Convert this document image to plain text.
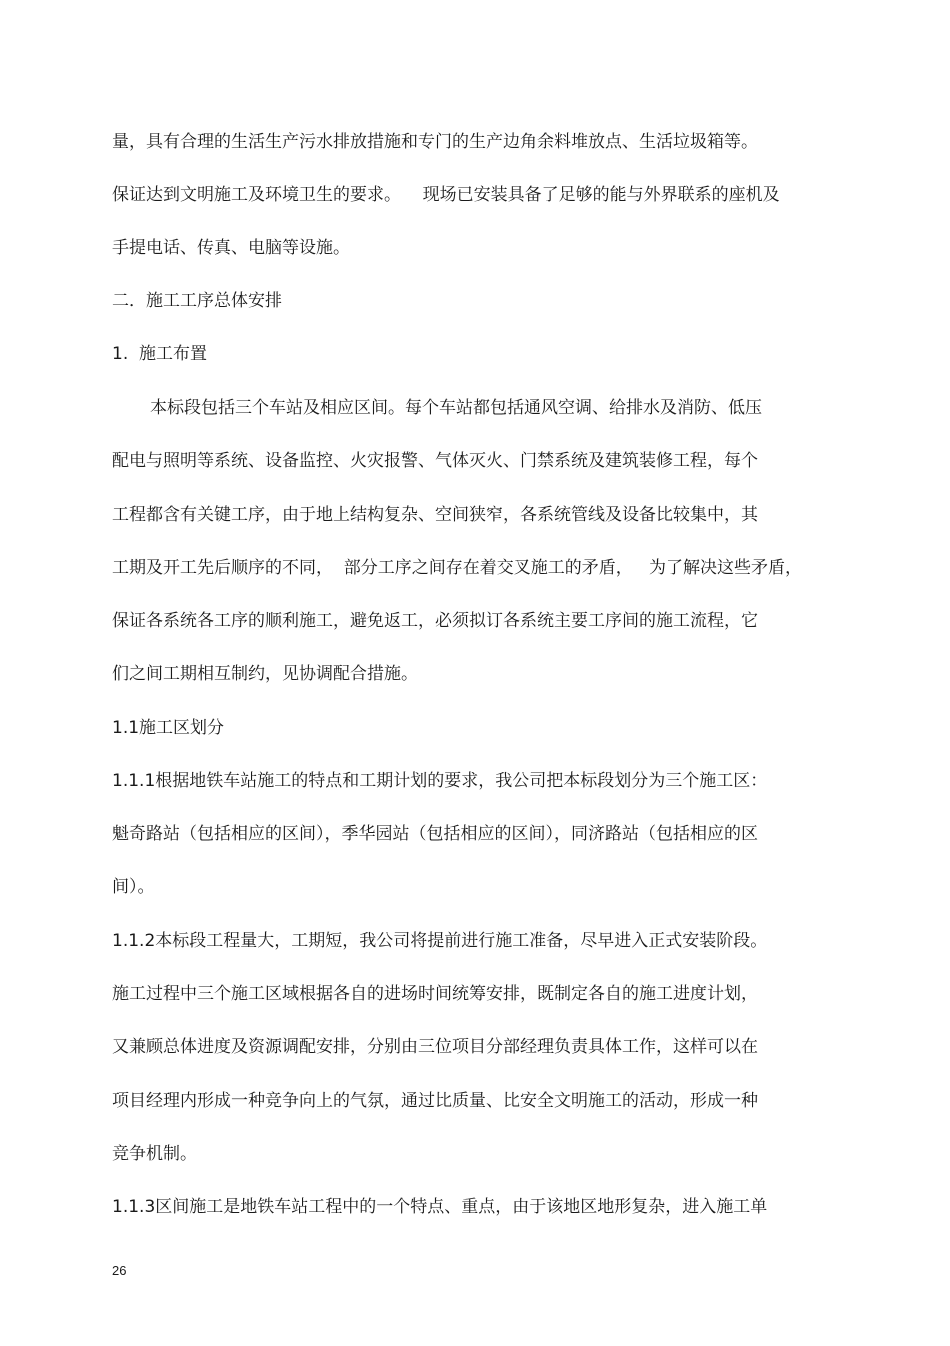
量，具有合理的生活生产污水排放措施和专门的生产边角余料堆放点、生活垃圾箱等。
保证达到文明施工及环境卫生的要求。    现场已安装具备了足够的能与外界联系的座机及
手提电话、传真、电脑等设施。
二．施工工序总体安排
1.  施工布置
本标段包括三个车站及相应区间。每个车站都包括通风空调、给排水及消防、低压
配电与照明等系统、设备监控、火灾报警、气体灭火、门禁系统及建筑装修工程，每个
工程都含有关键工序，由于地上结构复杂、空间狭窄，各系统管线及设备比较集中，其
工期及开工先后顺序的不同，  部分工序之间存在着交叉施工的矛盾，   为了解决这些矛盾，
保证各系统各工序的顺利施工，避免返工，必须拟订各系统主要工序间的施工流程，它
们之间工期相互制约，见协调配合措施。
1.1施工区划分
1.1.1根据地铁车站施工的特点和工期计划的要求，我公司把本标段划分为三个施工区：
魁奇路站（包括相应的区间），季华园站（包括相应的区间），同济路站（包括相应的区
间）。
1.1.2本标段工程量大，工期短，我公司将提前进行施工准备，尽早进入正式安装阶段。
施工过程中三个施工区域根据各自的进场时间统筹安排，既制定各自的施工进度计划，
又兼顾总体进度及资源调配安排，分别由三位项目分部经理负责具体工作，这样可以在
项目经理内形成一种竞争向上的气氛，通过比质量、比安全文明施工的活动，形成一种
竞争机制。
1.1.3区间施工是地铁车站工程中的一个特点、重点，由于该地区地形复杂，进入施工单
26
